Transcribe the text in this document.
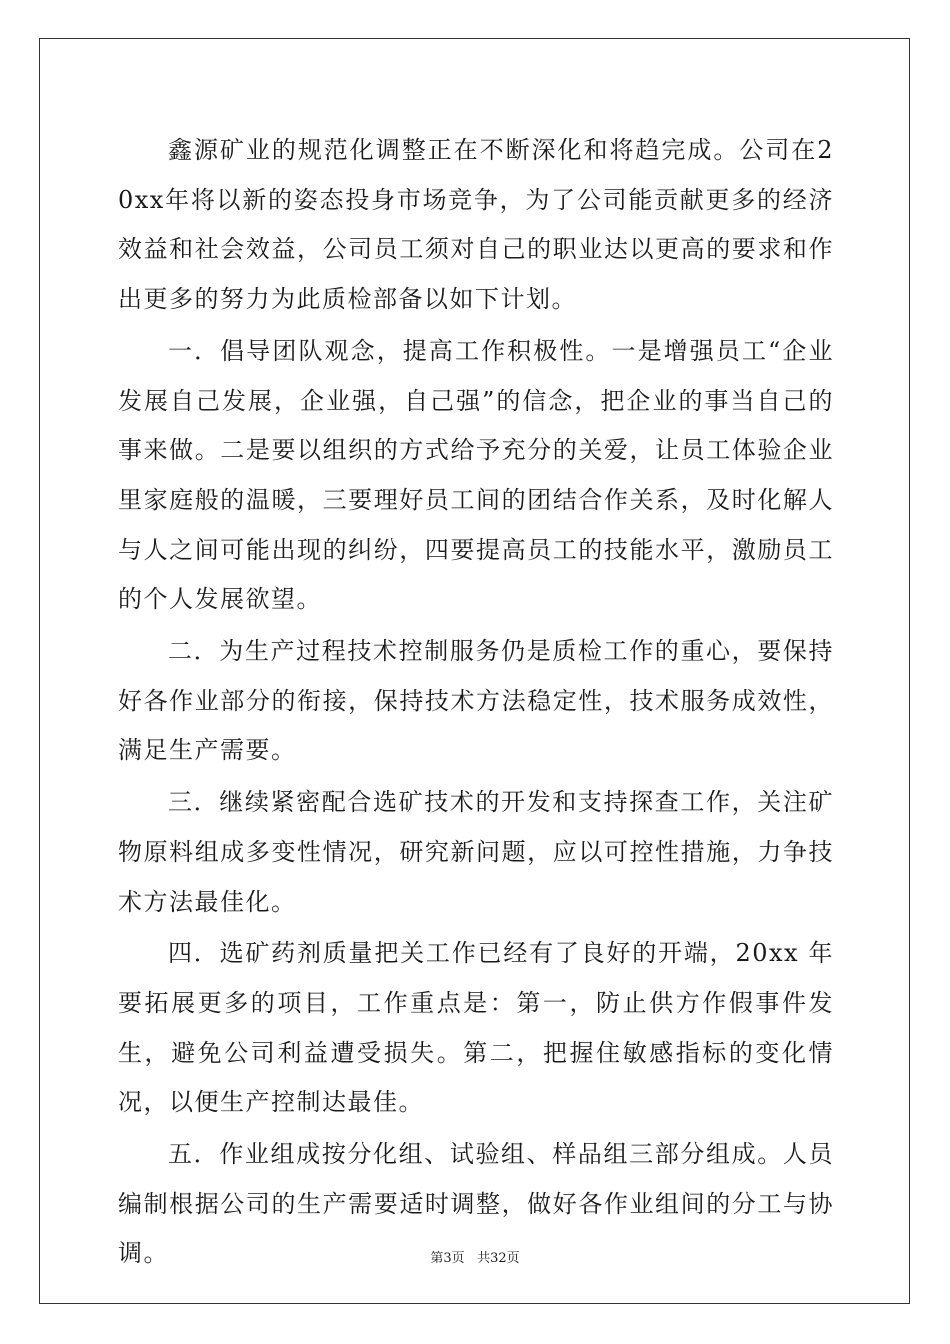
鑫源矿业的规范化调整正在不断深化和将趋完成。公司在20xx年将以新的姿态投身市场竞争，为了公司能贡献更多的经济效益和社会效益，公司员工须对自己的职业达以更高的要求和作出更多的努力为此质检部备以如下计划。

一．倡导团队观念，提高工作积极性。一是增强员工“企业发展自己发展，企业强，自己强”的信念，把企业的事当自己的事来做。二是要以组织的方式给予充分的关爱，让员工体验企业里家庭般的温暖，三要理好员工间的团结合作关系，及时化解人与人之间可能出现的纠纷，四要提高员工的技能水平，激励员工的个人发展欲望。

二．为生产过程技术控制服务仍是质检工作的重心，要保持好各作业部分的衔接，保持技术方法稳定性，技术服务成效性，满足生产需要。

三．继续紧密配合选矿技术的开发和支持探查工作，关注矿物原料组成多变性情况，研究新问题，应以可控性措施，力争技术方法最佳化。

四．选矿药剂质量把关工作已经有了良好的开端，20xx 年要拓展更多的项目，工作重点是：第一，防止供方作假事件发生，避免公司利益遭受损失。第二，把握住敏感指标的变化情况，以便生产控制达最佳。

五．作业组成按分化组、试验组、样品组三部分组成。人员编制根据公司的生产需要适时调整，做好各作业组间的分工与协调。	第3页 共32页
